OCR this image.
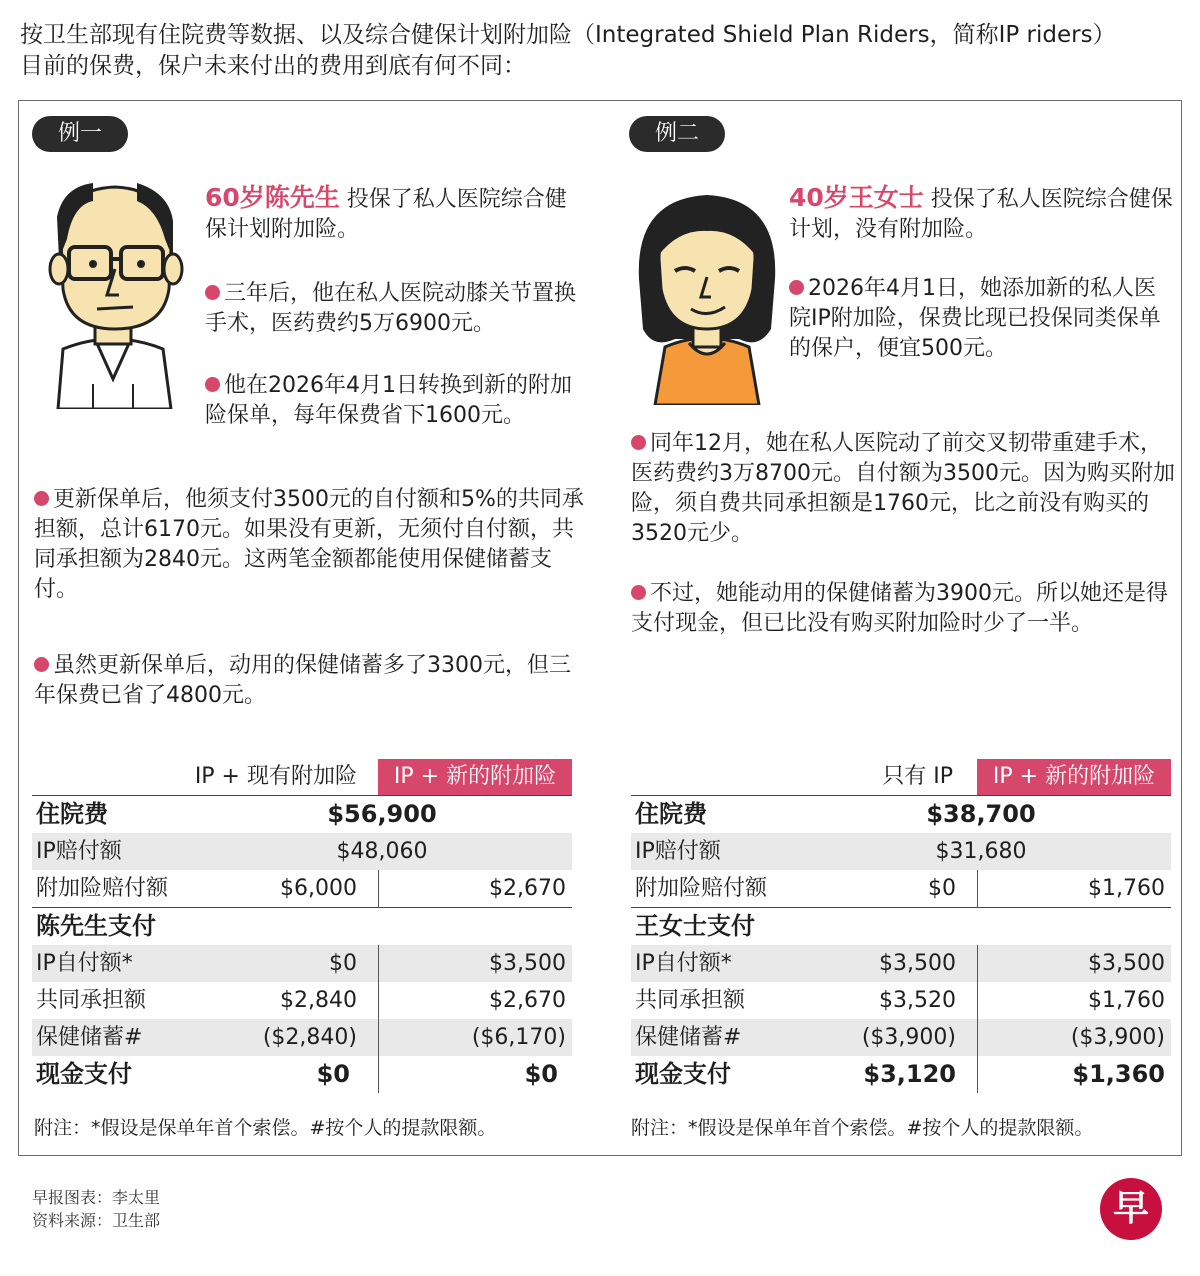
按卫生部现有住院费等数据、以及综合健保计划附加险（Integrated Shield Plan Riders，简称IP riders）
目前的保费，保户未来付出的费用到底有何不同：
例一
60岁陈先生 投保了私人医院综合健保计划附加险。
三年后，他在私人医院动膝关节置换手术，医药费约5万6900元。
他在2026年4月1日转换到新的附加险保单，每年保费省下1600元。
更新保单后，他须支付3500元的自付额和5%的共同承担额，总计6170元。如果没有更新，无须付自付额，共同承担额为2840元。这两笔金额都能使用保健储蓄支付。
虽然更新保单后，动用的保健储蓄多了3300元，但三年保费已省了4800元。
IP + 现有附加险	IP + 新的附加险
住院费	$56,900
IP赔付额	$48,060
附加险赔付额	$6,000	$2,670
陈先生支付
IP自付额*	$0	$3,500
共同承担额	$2,840	$2,670
保健储蓄#	($2,840)	($6,170)
现金支付	$0	$0
附注：*假设是保单年首个索偿。#按个人的提款限额。
例二
40岁王女士 投保了私人医院综合健保计划，没有附加险。
2026年4月1日，她添加新的私人医院IP附加险，保费比现已投保同类保单的保户，便宜500元。
同年12月，她在私人医院动了前交叉韧带重建手术，医药费约3万8700元。自付额为3500元。因为购买附加险，须自费共同承担额是1760元，比之前没有购买的3520元少。
不过，她能动用的保健储蓄为3900元。所以她还是得支付现金，但已比没有购买附加险时少了一半。
只有 IP	IP + 新的附加险
住院费	$38,700
IP赔付额	$31,680
附加险赔付额	$0	$1,760
王女士支付
IP自付额*	$3,500	$3,500
共同承担额	$3,520	$1,760
保健储蓄#	($3,900)	($3,900)
现金支付	$3,120	$1,360
附注：*假设是保单年首个索偿。#按个人的提款限额。
早报图表：李太里
资料来源：卫生部	早
